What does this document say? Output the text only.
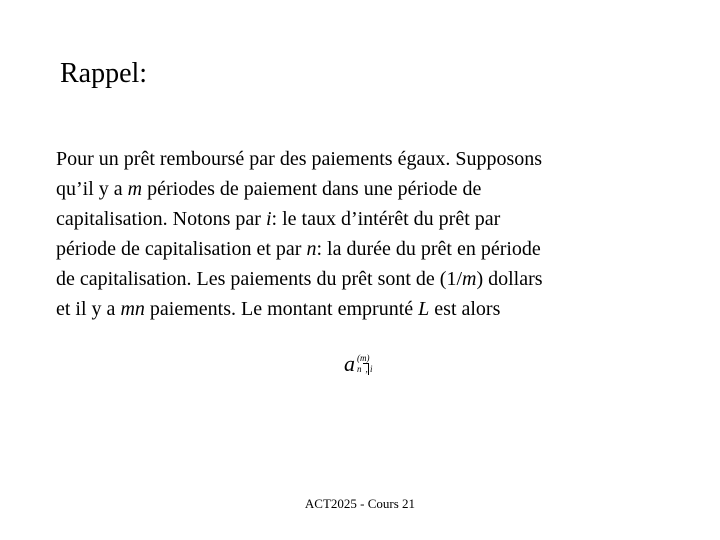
Rappel:
Pour un prêt remboursé par des paiements égaux. Supposons
qu’il y a m périodes de paiement dans une période de
capitalisation. Notons par i: le taux d’intérêt du prêt par
période de capitalisation et par n: la durée du prêt en période
de capitalisation. Les paiements du prêt sont de (1/m) dollars
et il y a mn paiements. Le montant emprunté L est alors
a (m)
n , i
ACT2025 - Cours 21
